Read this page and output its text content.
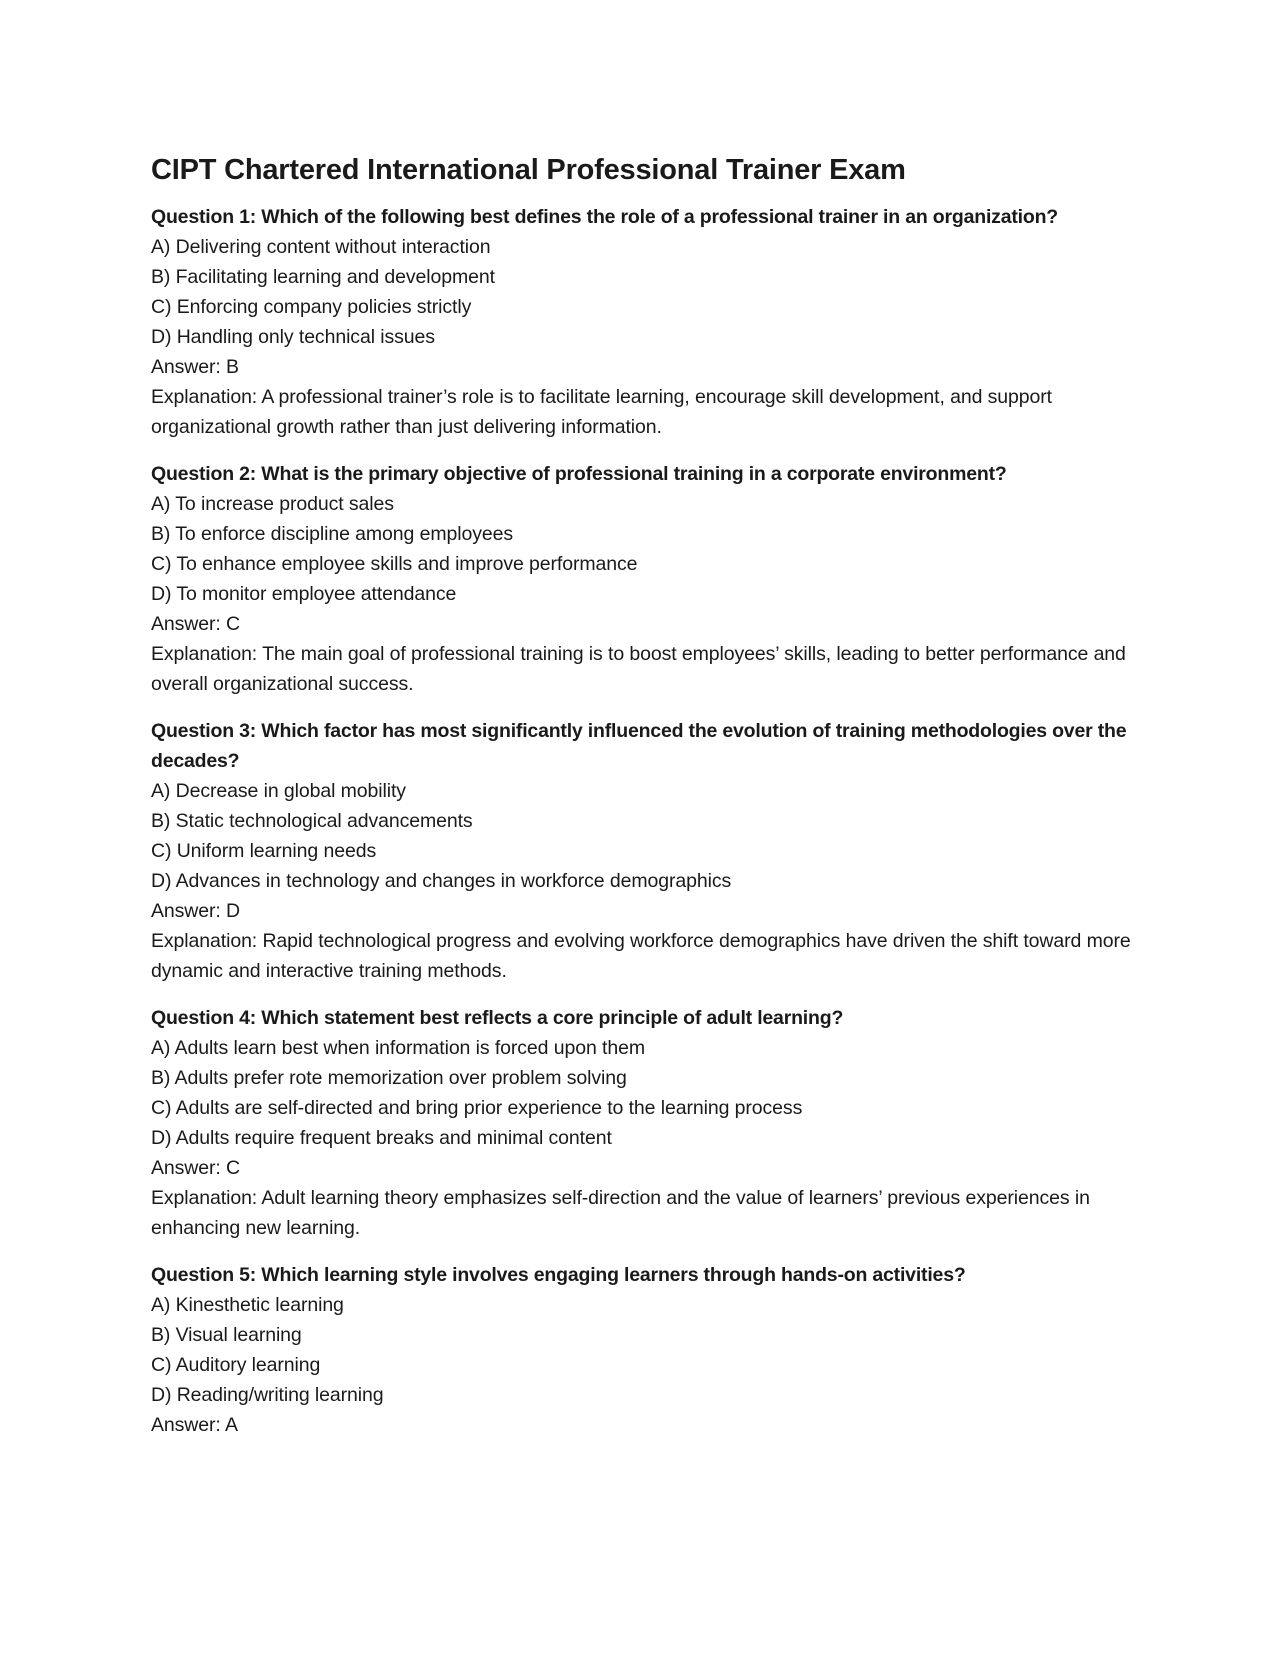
CIPT Chartered International Professional Trainer Exam
Question 1: Which of the following best defines the role of a professional trainer in an organization?
A) Delivering content without interaction
B) Facilitating learning and development
C) Enforcing company policies strictly
D) Handling only technical issues
Answer: B
Explanation: A professional trainer’s role is to facilitate learning, encourage skill development, and support organizational growth rather than just delivering information.
Question 2: What is the primary objective of professional training in a corporate environment?
A) To increase product sales
B) To enforce discipline among employees
C) To enhance employee skills and improve performance
D) To monitor employee attendance
Answer: C
Explanation: The main goal of professional training is to boost employees’ skills, leading to better performance and overall organizational success.
Question 3: Which factor has most significantly influenced the evolution of training methodologies over the decades?
A) Decrease in global mobility
B) Static technological advancements
C) Uniform learning needs
D) Advances in technology and changes in workforce demographics
Answer: D
Explanation: Rapid technological progress and evolving workforce demographics have driven the shift toward more dynamic and interactive training methods.
Question 4: Which statement best reflects a core principle of adult learning?
A) Adults learn best when information is forced upon them
B) Adults prefer rote memorization over problem solving
C) Adults are self-directed and bring prior experience to the learning process
D) Adults require frequent breaks and minimal content
Answer: C
Explanation: Adult learning theory emphasizes self-direction and the value of learners’ previous experiences in enhancing new learning.
Question 5: Which learning style involves engaging learners through hands-on activities?
A) Kinesthetic learning
B) Visual learning
C) Auditory learning
D) Reading/writing learning
Answer: A
